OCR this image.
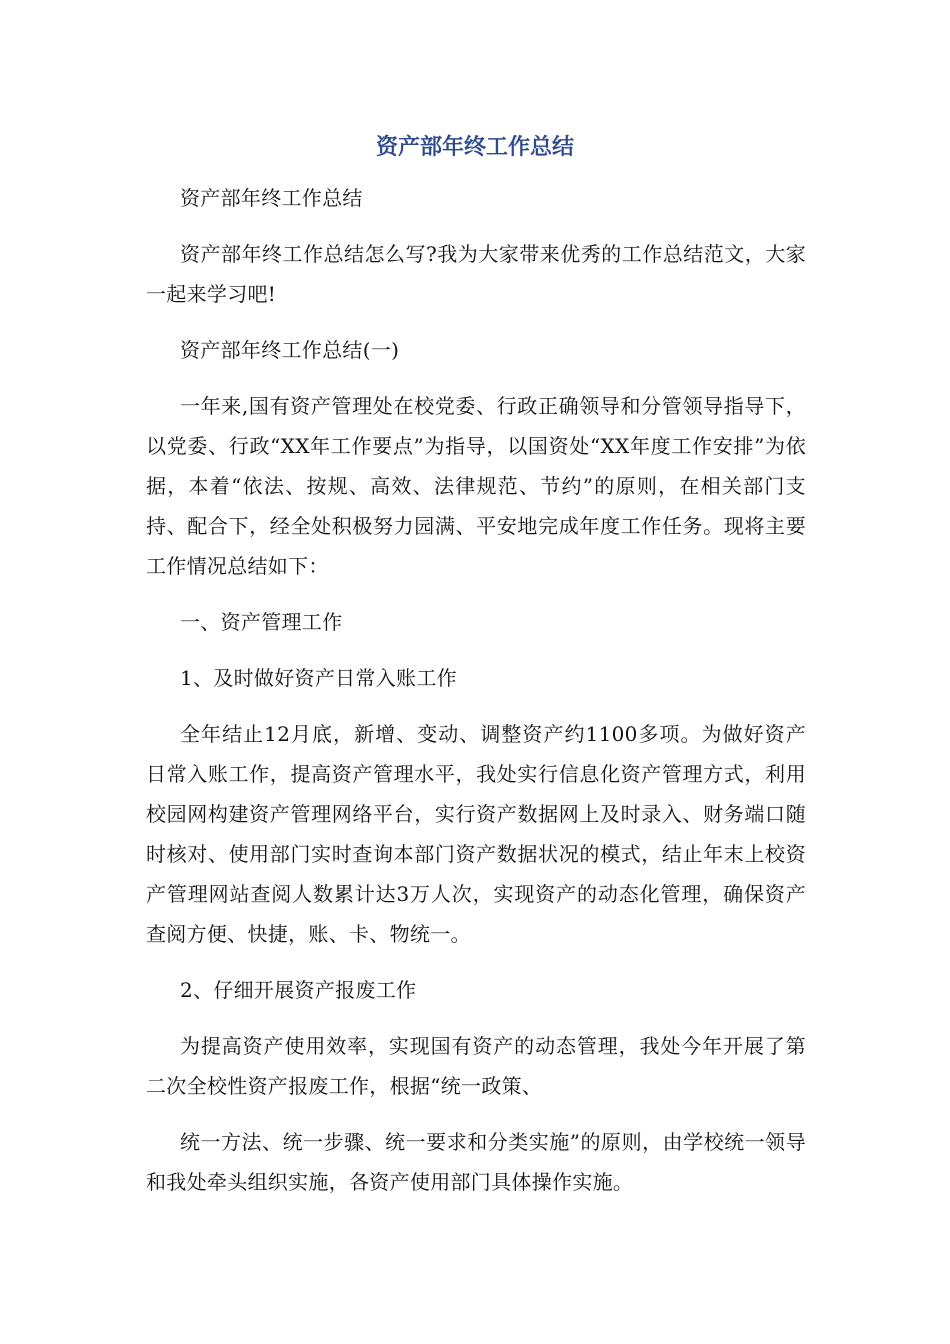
资产部年终工作总结

资产部年终工作总结

资产部年终工作总结怎么写?我为大家带来优秀的工作总结范文，大家一起来学习吧!

资产部年终工作总结(一)

一年来,国有资产管理处在校党委、行政正确领导和分管领导指导下，以党委、行政“XX年工作要点”为指导，以国资处“XX年度工作安排”为依据，本着“依法、按规、高效、法律规范、节约”的原则，在相关部门支持、配合下，经全处积极努力园满、平安地完成年度工作任务。现将主要工作情况总结如下：

一、资产管理工作

1、及时做好资产日常入账工作

全年结止12月底，新增、变动、调整资产约1100多项。为做好资产日常入账工作，提高资产管理水平，我处实行信息化资产管理方式，利用校园网构建资产管理网络平台，实行资产数据网上及时录入、财务端口随时核对、使用部门实时查询本部门资产数据状况的模式，结止年末上校资产管理网站查阅人数累计达3万人次，实现资产的动态化管理，确保资产查阅方便、快捷，账、卡、物统一。

2、仔细开展资产报废工作

为提高资产使用效率，实现国有资产的动态管理，我处今年开展了第二次全校性资产报废工作，根据“统一政策、

统一方法、统一步骤、统一要求和分类实施”的原则，由学校统一领导和我处牵头组织实施，各资产使用部门具体操作实施。
